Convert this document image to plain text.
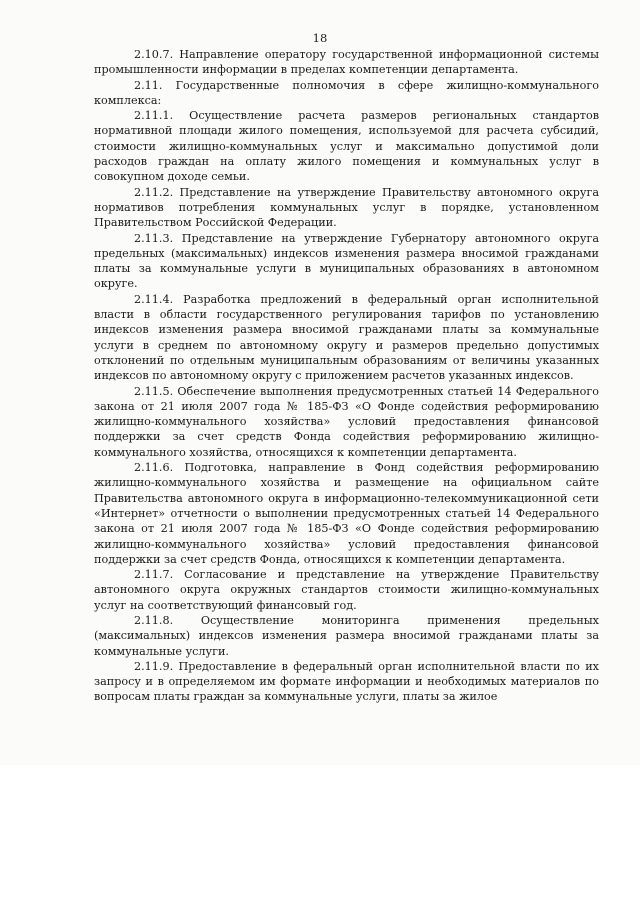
18

2.10.7. Направление оператору государственной информационной системы промышленности информации в пределах компетенции департамента.

2.11. Государственные полномочия в сфере жилищно-коммунального комплекса:

2.11.1. Осуществление расчета размеров региональных стандартов нормативной площади жилого помещения, используемой для расчета субсидий, стоимости жилищно-коммунальных услуг и максимально допустимой доли расходов граждан на оплату жилого помещения и коммунальных услуг в совокупном доходе семьи.

2.11.2. Представление на утверждение Правительству автономного округа нормативов потребления коммунальных услуг в порядке, установленном Правительством Российской Федерации.

2.11.3. Представление на утверждение Губернатору автономного округа предельных (максимальных) индексов изменения размера вносимой гражданами платы за коммунальные услуги в муниципальных образованиях в автономном округе.

2.11.4. Разработка предложений в федеральный орган исполнительной власти в области государственного регулирования тарифов по установлению индексов изменения размера вносимой гражданами платы за коммунальные услуги в среднем по автономному округу и размеров предельно допустимых отклонений по отдельным муниципальным образованиям от величины указанных индексов по автономному округу с приложением расчетов указанных индексов.

2.11.5. Обеспечение выполнения предусмотренных статьей 14 Федерального закона от 21 июля 2007 года № 185-ФЗ «О Фонде содействия реформированию жилищно-коммунального хозяйства» условий предоставления финансовой поддержки за счет средств Фонда содействия реформированию жилищно-коммунального хозяйства, относящихся к компетенции департамента.

2.11.6. Подготовка, направление в Фонд содействия реформированию жилищно-коммунального хозяйства и размещение на официальном сайте Правительства автономного округа в информационно-телекоммуникационной сети «Интернет» отчетности о выполнении предусмотренных статьей 14 Федерального закона от 21 июля 2007 года № 185-ФЗ «О Фонде содействия реформированию жилищно-коммунального хозяйства» условий предоставления финансовой поддержки за счет средств Фонда, относящихся к компетенции департамента.

2.11.7. Согласование и представление на утверждение Правительству автономного округа окружных стандартов стоимости жилищно-коммунальных услуг на соответствующий финансовый год.

2.11.8. Осуществление мониторинга применения предельных (максимальных) индексов изменения размера вносимой гражданами платы за коммунальные услуги.

2.11.9. Предоставление в федеральный орган исполнительной власти по их запросу и в определяемом им формате информации и необходимых материалов по вопросам платы граждан за коммунальные услуги, платы за жилое
